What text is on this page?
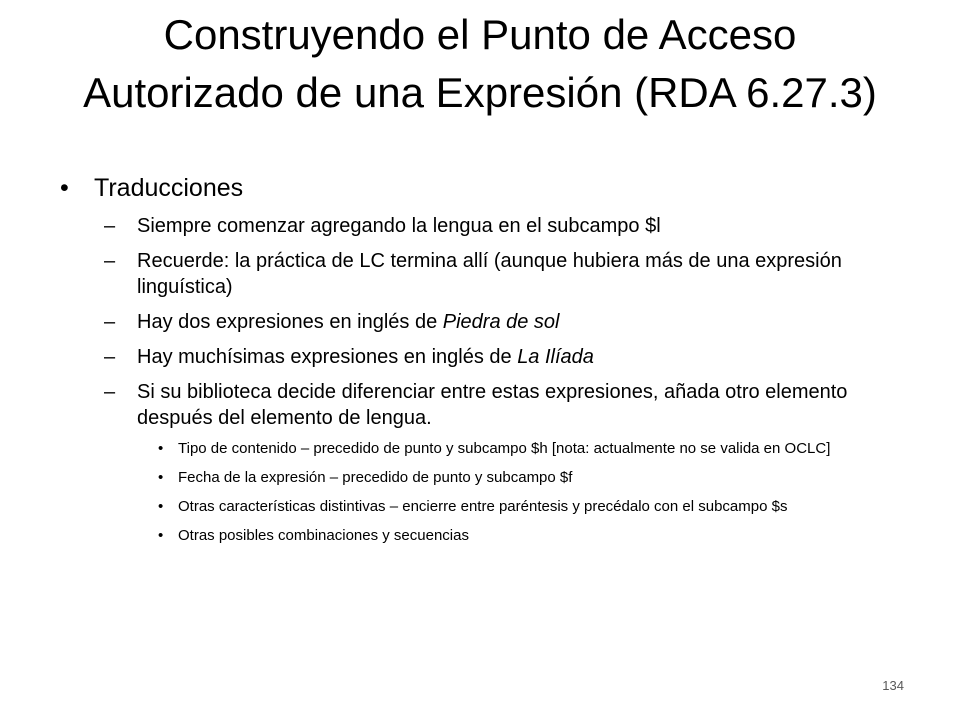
Construyendo el Punto de Acceso Autorizado de una Expresión (RDA 6.27.3)
• Traducciones
– Siempre comenzar agregando la lengua en el subcampo $l
– Recuerde: la práctica de LC termina allí (aunque hubiera más de una expresión linguística)
– Hay dos expresiones en inglés de Piedra de sol
– Hay muchísimas expresiones en inglés de La Ilíada
– Si su biblioteca decide diferenciar entre estas expresiones, añada otro elemento después del elemento de lengua.
• Tipo de contenido – precedido de punto y subcampo $h [nota: actualmente no se valida en OCLC]
• Fecha de la expresión – precedido de punto y subcampo $f
• Otras características distintivas – encierre entre paréntesis y precédalo con el subcampo $s
• Otras posibles combinaciones y secuencias
134
